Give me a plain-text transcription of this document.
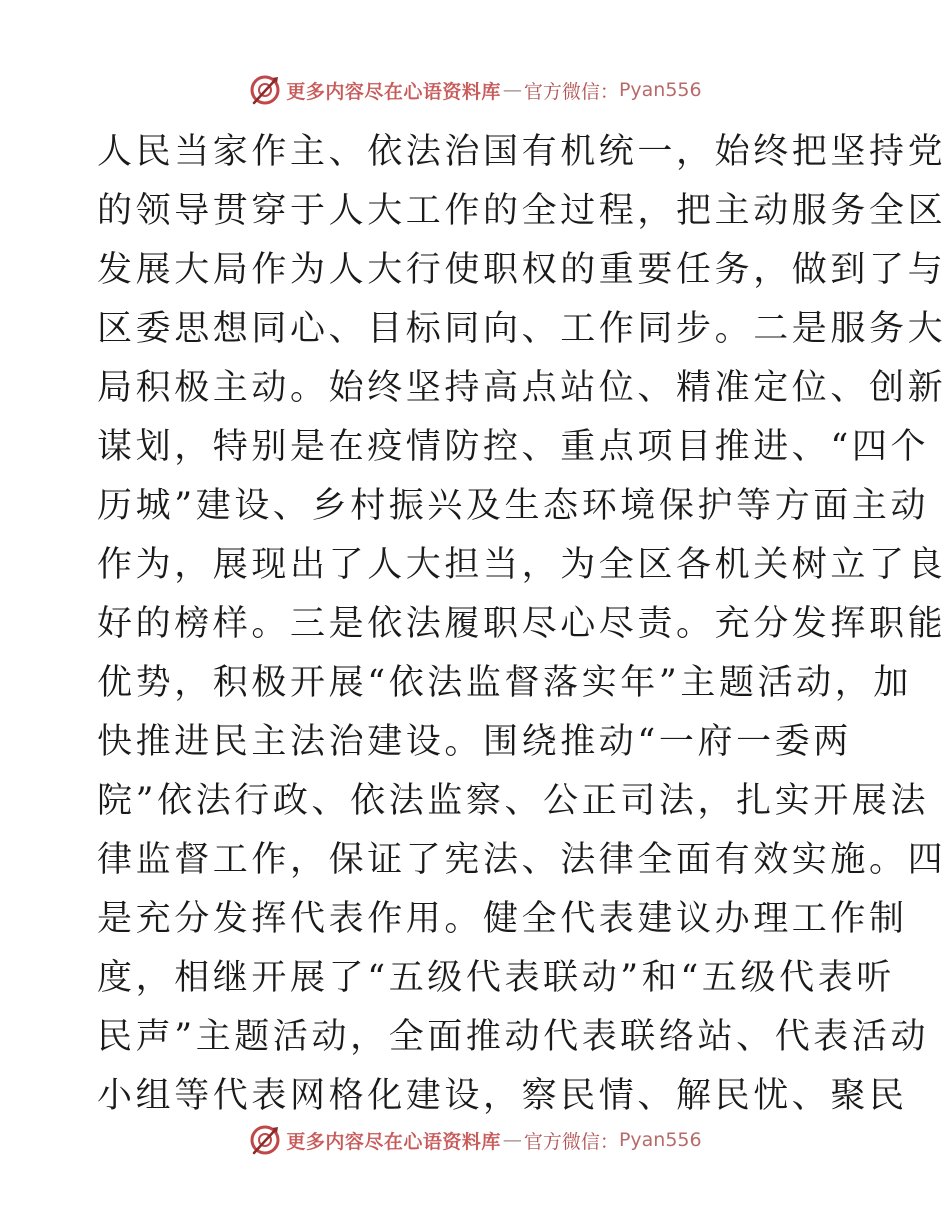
更多内容尽在心语资料库 — 官方微信： Pyan556
人民当家作主、依法治国有机统一，始终把坚持党
的领导贯穿于人大工作的全过程，把主动服务全区
发展大局作为人大行使职权的重要任务，做到了与
区委思想同心、目标同向、工作同步。二是服务大
局积极主动。始终坚持高点站位、精准定位、创新
谋划，特别是在疫情防控、重点项目推进、“四个
历城”建设、乡村振兴及生态环境保护等方面主动
作为，展现出了人大担当，为全区各机关树立了良
好的榜样。三是依法履职尽心尽责。充分发挥职能
优势，积极开展“依法监督落实年”主题活动，加
快推进民主法治建设。围绕推动“一府一委两
院”依法行政、依法监察、公正司法，扎实开展法
律监督工作，保证了宪法、法律全面有效实施。四
是充分发挥代表作用。健全代表建议办理工作制
度，相继开展了“五级代表联动”和“五级代表听
民声”主题活动，全面推动代表联络站、代表活动
小组等代表网格化建设，察民情、解民忧、聚民
更多内容尽在心语资料库 — 官方微信： Pyan556
